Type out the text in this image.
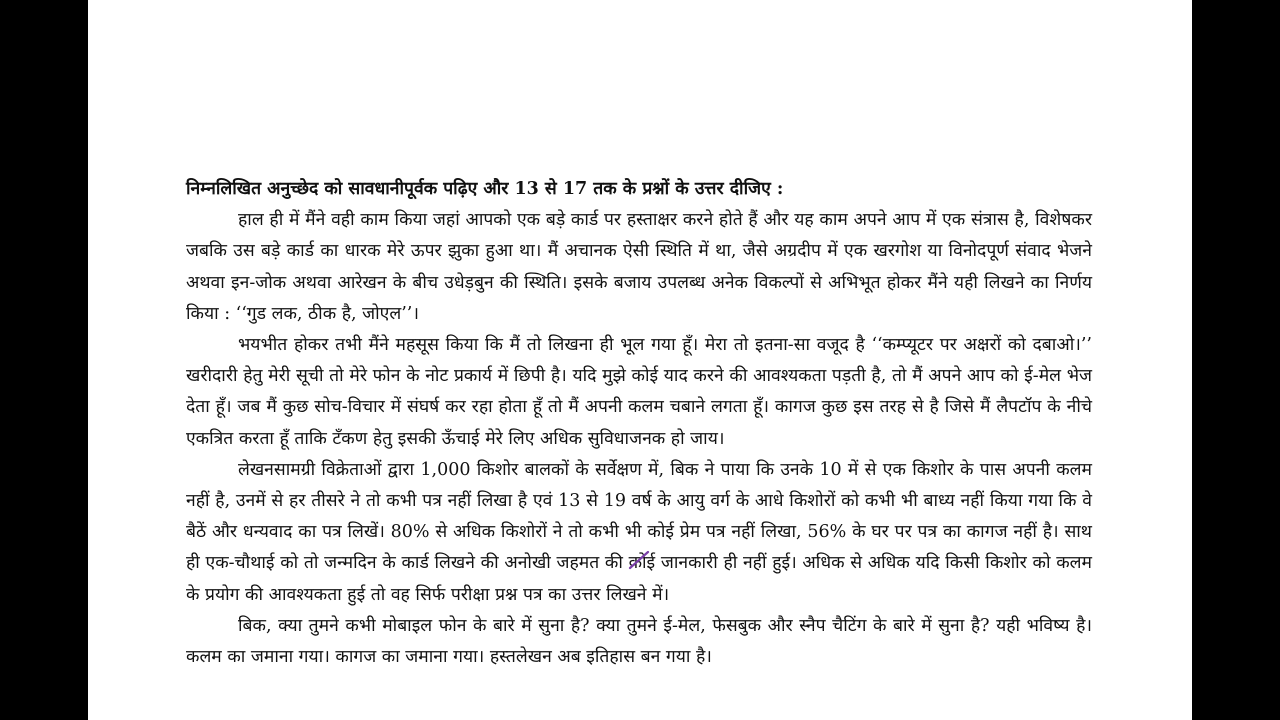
निम्नलिखित अनुच्छेद को सावधानीपूर्वक पढ़िए और 13 से 17 तक के प्रश्नों के उत्तर दीजिए :

हाल ही में मैंने वही काम किया जहां आपको एक बड़े कार्ड पर हस्ताक्षर करने होते हैं और यह काम अपने आप में एक संत्रास है, विशेषकर जबकि उस बड़े कार्ड का धारक मेरे ऊपर झुका हुआ था। मैं अचानक ऐसी स्थिति में था, जैसे अग्रदीप में एक खरगोश या विनोदपूर्ण संवाद भेजने अथवा इन-जोक अथवा आरेखन के बीच उधेड़बुन की स्थिति। इसके बजाय उपलब्ध अनेक विकल्पों से अभिभूत होकर मैंने यही लिखने का निर्णय किया : ‘‘गुड लक, ठीक है, जोएल’’।

भयभीत होकर तभी मैंने महसूस किया कि मैं तो लिखना ही भूल गया हूँ। मेरा तो इतना-सा वजूद है ‘‘कम्प्यूटर पर अक्षरों को दबाओ।’’ खरीदारी हेतु मेरी सूची तो मेरे फोन के नोट प्रकार्य में छिपी है। यदि मुझे कोई याद करने की आवश्यकता पड़ती है, तो मैं अपने आप को ई-मेल भेज देता हूँ। जब मैं कुछ सोच-विचार में संघर्ष कर रहा होता हूँ तो मैं अपनी कलम चबाने लगता हूँ। कागज कुछ इस तरह से है जिसे मैं लैपटॉप के नीचे एकत्रित करता हूँ ताकि टँकण हेतु इसकी ऊँचाई मेरे लिए अधिक सुविधाजनक हो जाय।

लेखनसामग्री विक्रेताओं द्वारा 1,000 किशोर बालकों के सर्वेक्षण में, बिक ने पाया कि उनके 10 में से एक किशोर के पास अपनी कलम नहीं है, उनमें से हर तीसरे ने तो कभी पत्र नहीं लिखा है एवं 13 से 19 वर्ष के आयु वर्ग के आधे किशोरों को कभी भी बाध्य नहीं किया गया कि वे बैठें और धन्यवाद का पत्र लिखें। 80% से अधिक किशोरों ने तो कभी भी कोई प्रेम पत्र नहीं लिखा, 56% के घर पर पत्र का कागज नहीं है। साथ ही एक-चौथाई को तो जन्मदिन के कार्ड लिखने की अनोखी जहमत की कोई जानकारी ही नहीं हुई। अधिक से अधिक यदि किसी किशोर को कलम के प्रयोग की आवश्यकता हुई तो वह सिर्फ परीक्षा प्रश्न पत्र का उत्तर लिखने में।

बिक, क्या तुमने कभी मोबाइल फोन के बारे में सुना है? क्या तुमने ई-मेल, फेसबुक और स्नैप चैटिंग के बारे में सुना है? यही भविष्य है। कलम का जमाना गया। कागज का जमाना गया। हस्तलेखन अब इतिहास बन गया है।
